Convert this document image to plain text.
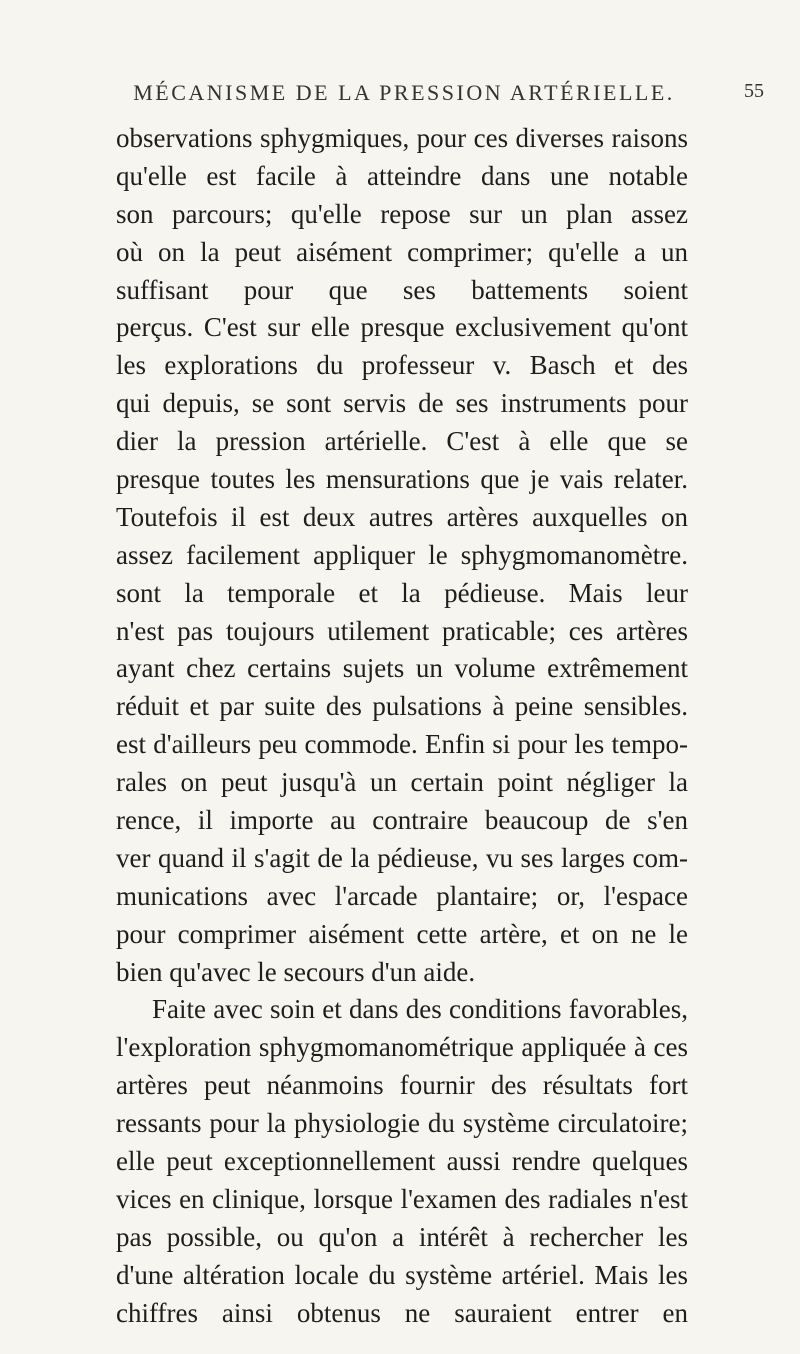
MÉCANISME DE LA PRESSION ARTÉRIELLE.	55

observations sphygmiques, pour ces diverses raisons
qu'elle est facile à atteindre dans une notable
son parcours; qu'elle repose sur un plan assez
où on la peut aisément comprimer; qu'elle a un
suffisant pour que ses battements soient
perçus. C'est sur elle presque exclusivement qu'ont
les explorations du professeur v. Basch et des
qui depuis, se sont servis de ses instruments pour
dier la pression artérielle. C'est à elle que se
presque toutes les mensurations que je vais relater.
Toutefois il est deux autres artères auxquelles on
assez facilement appliquer le sphygmomanomètre.
sont la temporale et la pédieuse. Mais leur
n'est pas toujours utilement praticable; ces artères
ayant chez certains sujets un volume extrêmement
réduit et par suite des pulsations à peine sensibles.
est d'ailleurs peu commode. Enfin si pour les tempo-
rales on peut jusqu'à un certain point négliger la
rence, il importe au contraire beaucoup de s'en
ver quand il s'agit de la pédieuse, vu ses larges com-
munications avec l'arcade plantaire; or, l'espace
pour comprimer aisément cette artère, et on ne le
bien qu'avec le secours d'un aide.

Faite avec soin et dans des conditions favorables,
l'exploration sphygmomanométrique appliquée à ces
artères peut néanmoins fournir des résultats fort
ressants pour la physiologie du système circulatoire;
elle peut exceptionnellement aussi rendre quelques
vices en clinique, lorsque l'examen des radiales n'est
pas possible, ou qu'on a intérêt à rechercher les
d'une altération locale du système artériel. Mais les
chiffres ainsi obtenus ne sauraient entrer en
